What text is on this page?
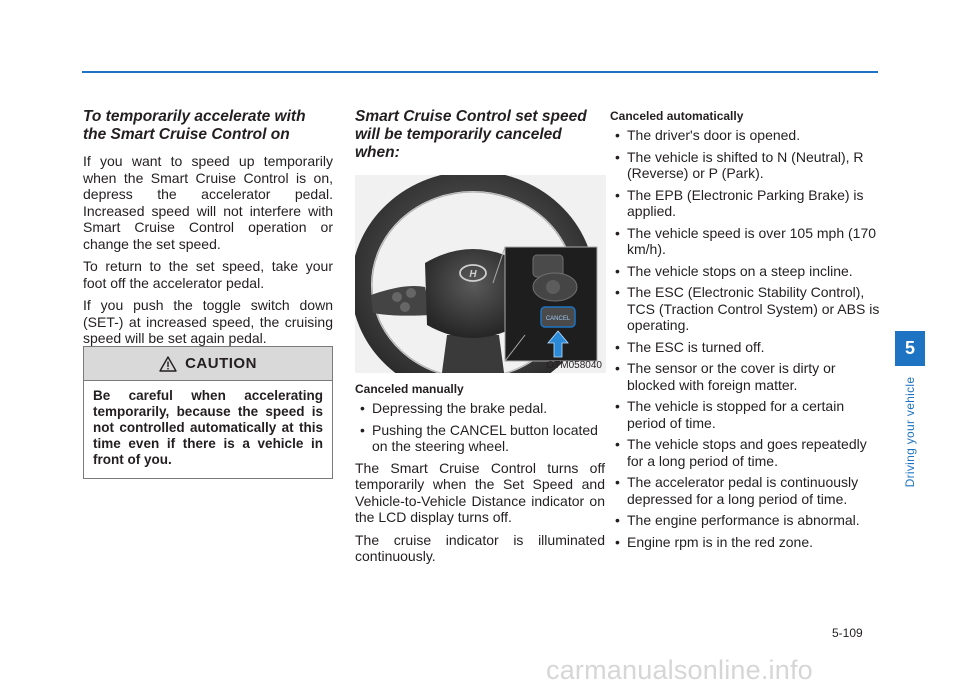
To temporarily accelerate with the Smart Cruise Control on

If you want to speed up temporarily when the Smart Cruise Control is on, depress the accelerator pedal. Increased speed will not interfere with Smart Cruise Control operation or change the set speed.

To return to the set speed, take your foot off the accelerator pedal.

If you push the toggle switch down (SET-) at increased speed, the cruising speed will be set again pedal.

CAUTION
Be careful when accelerating temporarily, because the speed is not controlled automatically at this time even if there is a vehicle in front of you.
Smart Cruise Control set speed will be temporarily canceled when:
H
CANCEL
OTM058040
Canceled manually
• Depressing the brake pedal.
• Pushing the CANCEL button located on the steering wheel.

The Smart Cruise Control turns off temporarily when the Set Speed and Vehicle-to-Vehicle Distance indicator on the LCD display turns off.

The cruise indicator is illuminated continuously.

Canceled automatically
• The driver's door is opened.
• The vehicle is shifted to N (Neutral), R (Reverse) or P (Park).
• The EPB (Electronic Parking Brake) is applied.
• The vehicle speed is over 105 mph (170 km/h).
• The vehicle stops on a steep incline.
• The ESC (Electronic Stability Control), TCS (Traction Control System) or ABS is operating.
• The ESC is turned off.
• The sensor or the cover is dirty or blocked with foreign matter.
• The vehicle is stopped for a certain period of time.
• The vehicle stops and goes repeatedly for a long period of time.
• The accelerator pedal is continuously depressed for a long period of time.
• The engine performance is abnormal.
• Engine rpm is in the red zone.
5
Driving your vehicle
5-109
carmanualsonline.info
